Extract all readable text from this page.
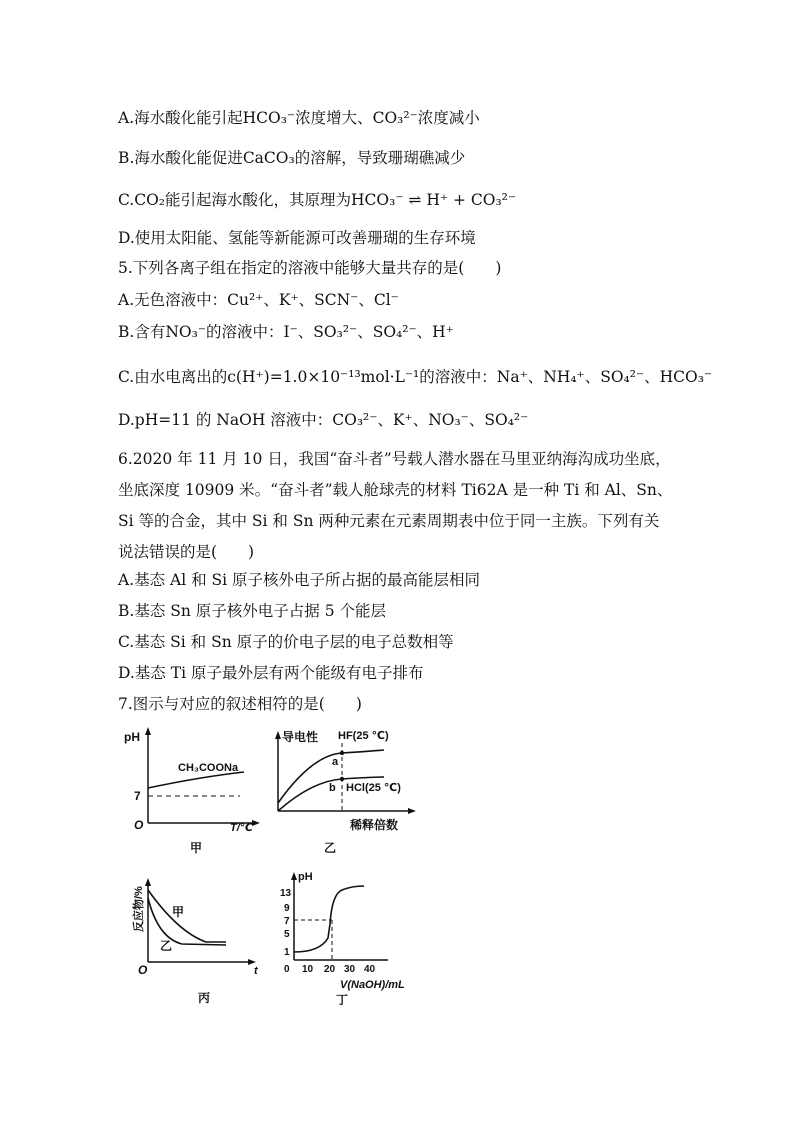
A.海水酸化能引起HCO₃⁻浓度增大、CO₃²⁻浓度减小
B.海水酸化能促进CaCO₃的溶解，导致珊瑚礁减少
C.CO₂能引起海水酸化，其原理为HCO₃⁻ ⇌ H⁺ + CO₃²⁻
D.使用太阳能、氢能等新能源可改善珊瑚的生存环境
5.下列各离子组在指定的溶液中能够大量共存的是(　　)
A.无色溶液中：Cu²⁺、K⁺、SCN⁻、Cl⁻
B.含有NO₃⁻的溶液中：I⁻、SO₃²⁻、SO₄²⁻、H⁺
C.由水电离出的c(H⁺)=1.0×10⁻¹³mol·L⁻¹的溶液中：Na⁺、NH₄⁺、SO₄²⁻、HCO₃⁻
D.pH=11 的 NaOH 溶液中：CO₃²⁻、K⁺、NO₃⁻、SO₄²⁻
6.2020 年 11 月 10 日，我国“奋斗者”号载人潜水器在马里亚纳海沟成功坐底，坐底深度 10909 米。“奋斗者”载人舱球壳的材料 Ti62A 是一种 Ti 和 Al、Sn、Si 等的合金，其中 Si 和 Sn 两种元素在元素周期表中位于同一主族。下列有关说法错误的是(　　)
A.基态 Al 和 Si 原子核外电子所占据的最高能层相同
B.基态 Sn 原子核外电子占据 5 个能层
C.基态 Si 和 Sn 原子的价电子层的电子总数相等
D.基态 Ti 原子最外层有两个能级有电子排布
7.图示与对应的叙述相符的是(　　)
pH
7
CH₃COONa
O	T/℃
甲
导电性 HF(25 ℃)
a
b HCl(25 ℃)
稀释倍数
乙
反应物/% 甲
乙
O	t
丙
pH
13
9
7
5
1
0 10 20 30 40
V(NaOH)/mL
丁
